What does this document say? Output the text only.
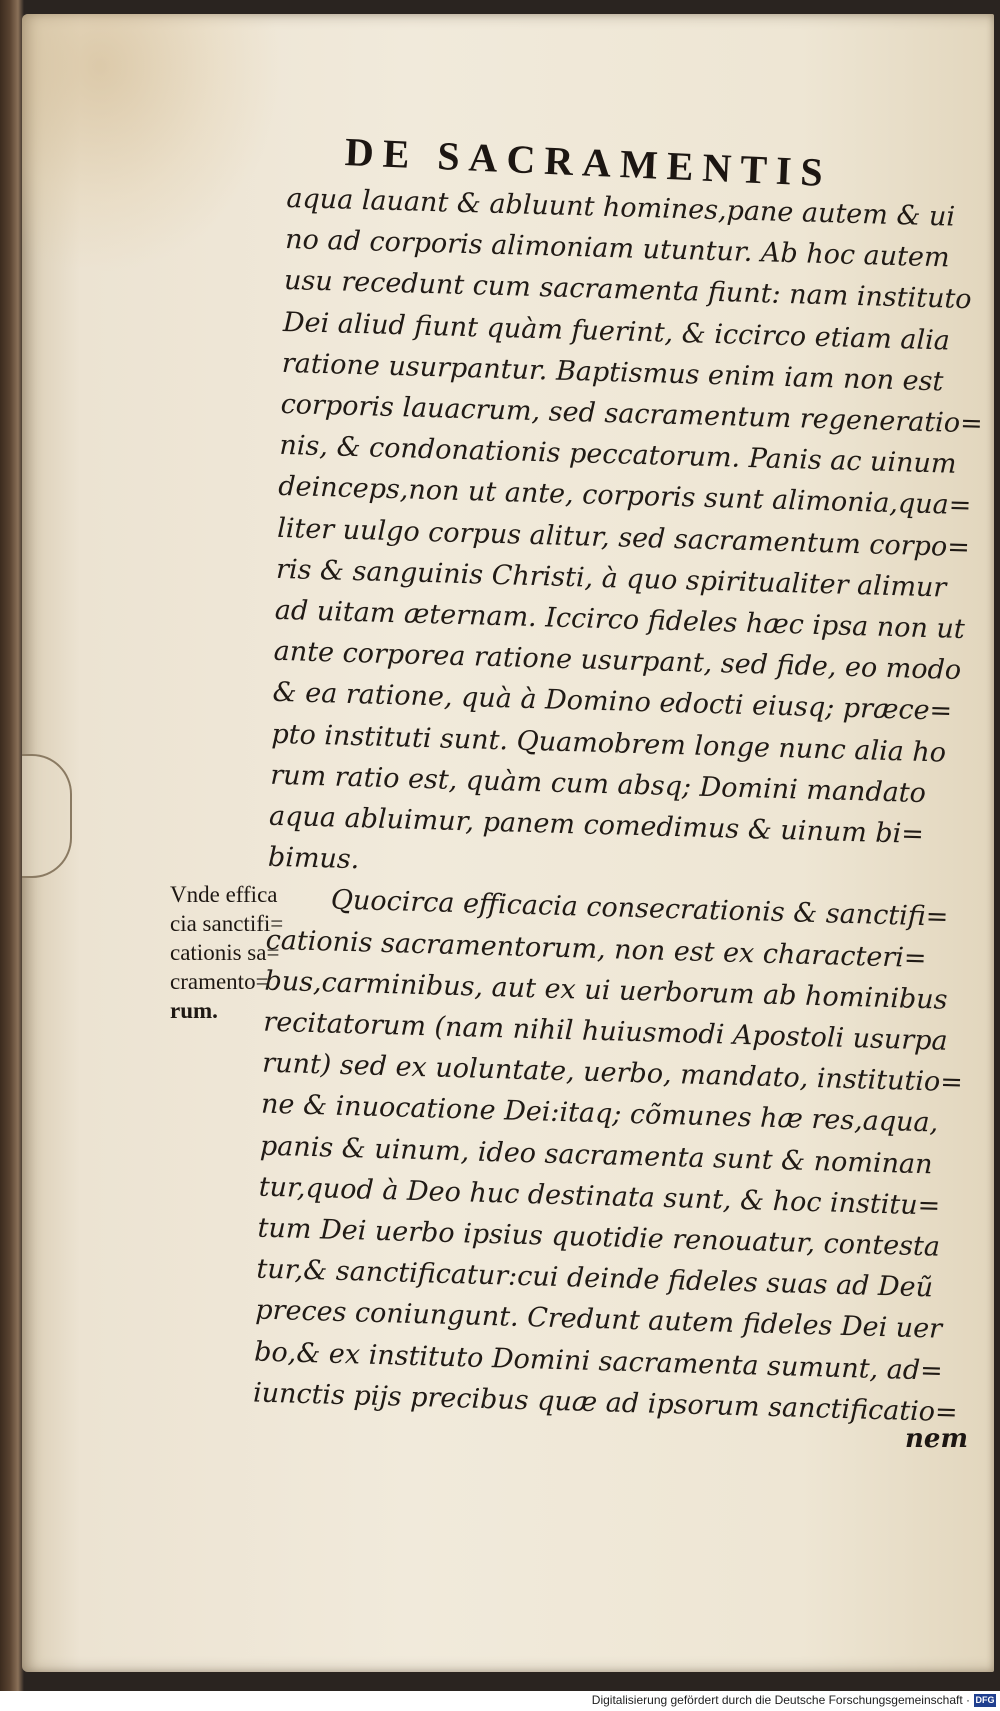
DE SACRAMENTIS
aqua lauant & abluunt homines,pane autem & ui
no ad corporis alimoniam utuntur. Ab hoc autem
usu recedunt cum sacramenta fiunt: nam instituto
Dei aliud fiunt quàm fuerint, & iccirco etiam alia
ratione usurpantur. Baptismus enim iam non est
corporis lauacrum, sed sacramentum regeneratio=
nis, & condonationis peccatorum. Panis ac uinum
deinceps,non ut ante, corporis sunt alimonia,qua=
liter uulgo corpus alitur, sed sacramentum corpo=
ris & sanguinis Christi, à quo spiritualiter alimur
ad uitam æternam. Iccirco fideles hæc ipsa non ut
ante corporea ratione usurpant, sed fide, eo modo
& ea ratione, quà à Domino edocti eiusq; præce=
pto instituti sunt. Quamobrem longe nunc alia ho
rum ratio est, quàm cum absq; Domini mandato
aqua abluimur, panem comedimus & uinum bi=
bimus.
Quocirca efficacia consecrationis & sanctifi=
cationis sacramentorum, non est ex characteri=
bus,carminibus, aut ex ui uerborum ab hominibus
recitatorum (nam nihil huiusmodi Apostoli usurpa
runt) sed ex uoluntate, uerbo, mandato, institutio=
ne & inuocatione Dei:itaq; cõmunes hæ res,aqua,
panis & uinum, ideo sacramenta sunt & nominan
tur,quod à Deo huc destinata sunt, & hoc institu=
tum Dei uerbo ipsius quotidie renouatur, contesta
tur,& sanctificatur:cui deinde fideles suas ad Deũ
preces coniungunt. Credunt autem fideles Dei uer
bo,& ex instituto Domini sacramenta sumunt, ad=
iunctis pijs precibus quæ ad ipsorum sanctificatio=
Vnde effica
cia sanctifi=
cationis sa=
cramento=
rum.
nem
Digitalisierung gefördert durch die Deutsche Forschungsgemeinschaft · DFG
